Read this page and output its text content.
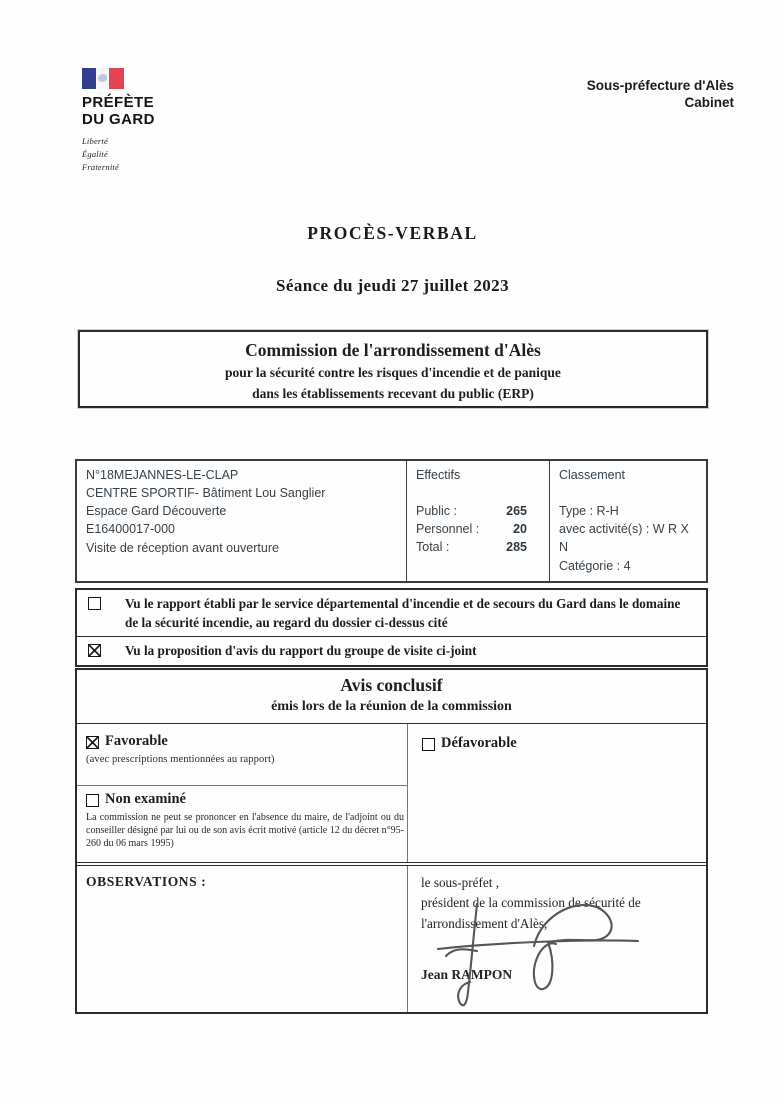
PRÉFÈTE
DU GARD
Liberté
Égalité
Fraternité
Sous-préfecture d'Alès
Cabinet
PROCÈS-VERBAL
Séance du jeudi 27 juillet 2023
Commission de l'arrondissement d'Alès
pour la sécurité contre les risques d'incendie et de panique
dans les établissements recevant du public (ERP)
N°18MEJANNES-LE-CLAP
CENTRE SPORTIF- Bâtiment Lou Sanglier
Espace Gard Découverte
E16400017-000
Visite de réception avant ouverture
Effectifs
Public :	265
Personnel :	20
Total :	285
Classement
Type : R-H
avec activité(s) : W R X N
Catégorie : 4
Vu le rapport établi par le service départemental d'incendie et de secours du Gard dans le domaine de la sécurité incendie, au regard du dossier ci-dessus cité
Vu la proposition d'avis du rapport du groupe de visite ci-joint
Avis conclusif
émis lors de la réunion de la commission
Favorable
(avec prescriptions mentionnées au rapport)
Défavorable
Non examiné
La commission ne peut se prononcer en l'absence du maire, de l'adjoint ou du conseiller désigné par lui ou de son avis écrit motivé (article 12 du décret n°95-260 du 06 mars 1995)
OBSERVATIONS :	le sous-préfet ,
président de la commission de sécurité de
l'arrondissement d'Alès,
Jean RAMPON
